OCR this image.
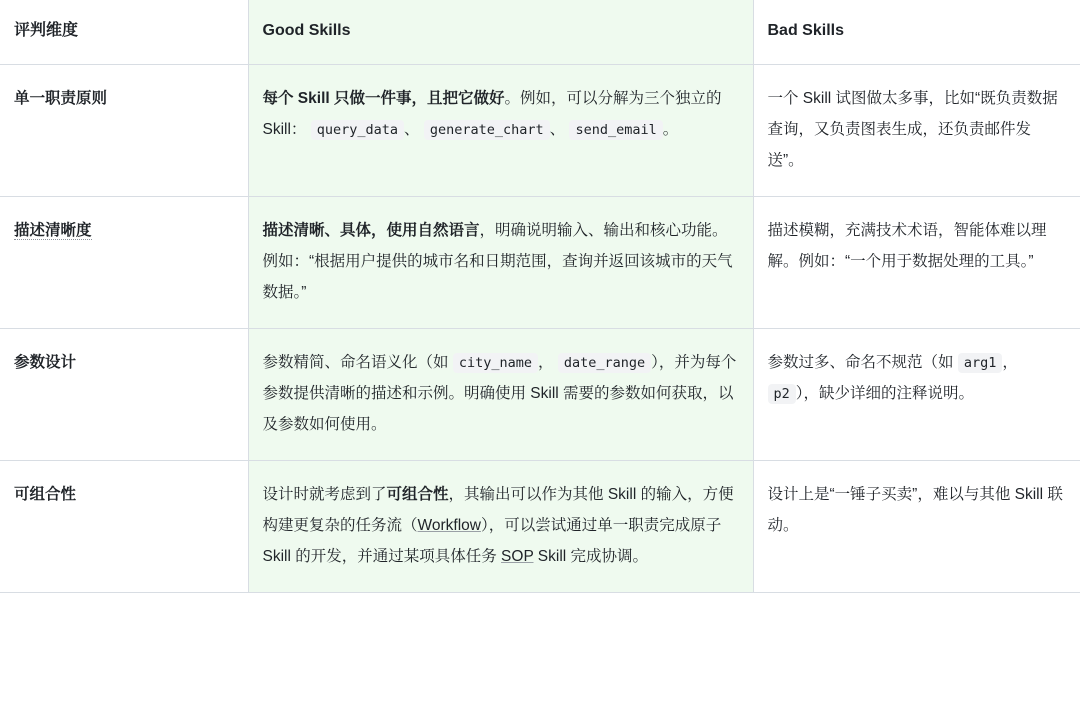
评判维度	Good Skills	Bad Skills
单一职责原则	每个 Skill 只做一件事，且把它做好。例如，可以分解为三个独立的 Skill： query_data 、 generate_chart 、 send_email 。	一个 Skill 试图做太多事，比如“既负责数据查询，又负责图表生成，还负责邮件发送”。

描述清晰度	描述清晰、具体，使用自然语言，明确说明输入、输出和核心功能。例如：“根据用户提供的城市名和日期范围，查询并返回该城市的天气数据。”	描述模糊，充满技术术语，智能体难以理解。例如：“一个用于数据处理的工具。”

参数设计	参数精简、命名语义化（如 city_name ， date_range ），并为每个参数提供清晰的描述和示例。明确使用 Skill 需要的参数如何获取，以及参数如何使用。	参数过多、命名不规范（如 arg1 ， p2 ），缺少详细的注释说明。

可组合性	设计时就考虑到了可组合性，其输出可以作为其他 Skill 的输入，方便构建更复杂的任务流（Workflow），可以尝试通过单一职责完成原子 Skill 的开发，并通过某项具体任务 SOP Skill 完成协调。	设计上是“一锤子买卖”，难以与其他 Skill 联动。
